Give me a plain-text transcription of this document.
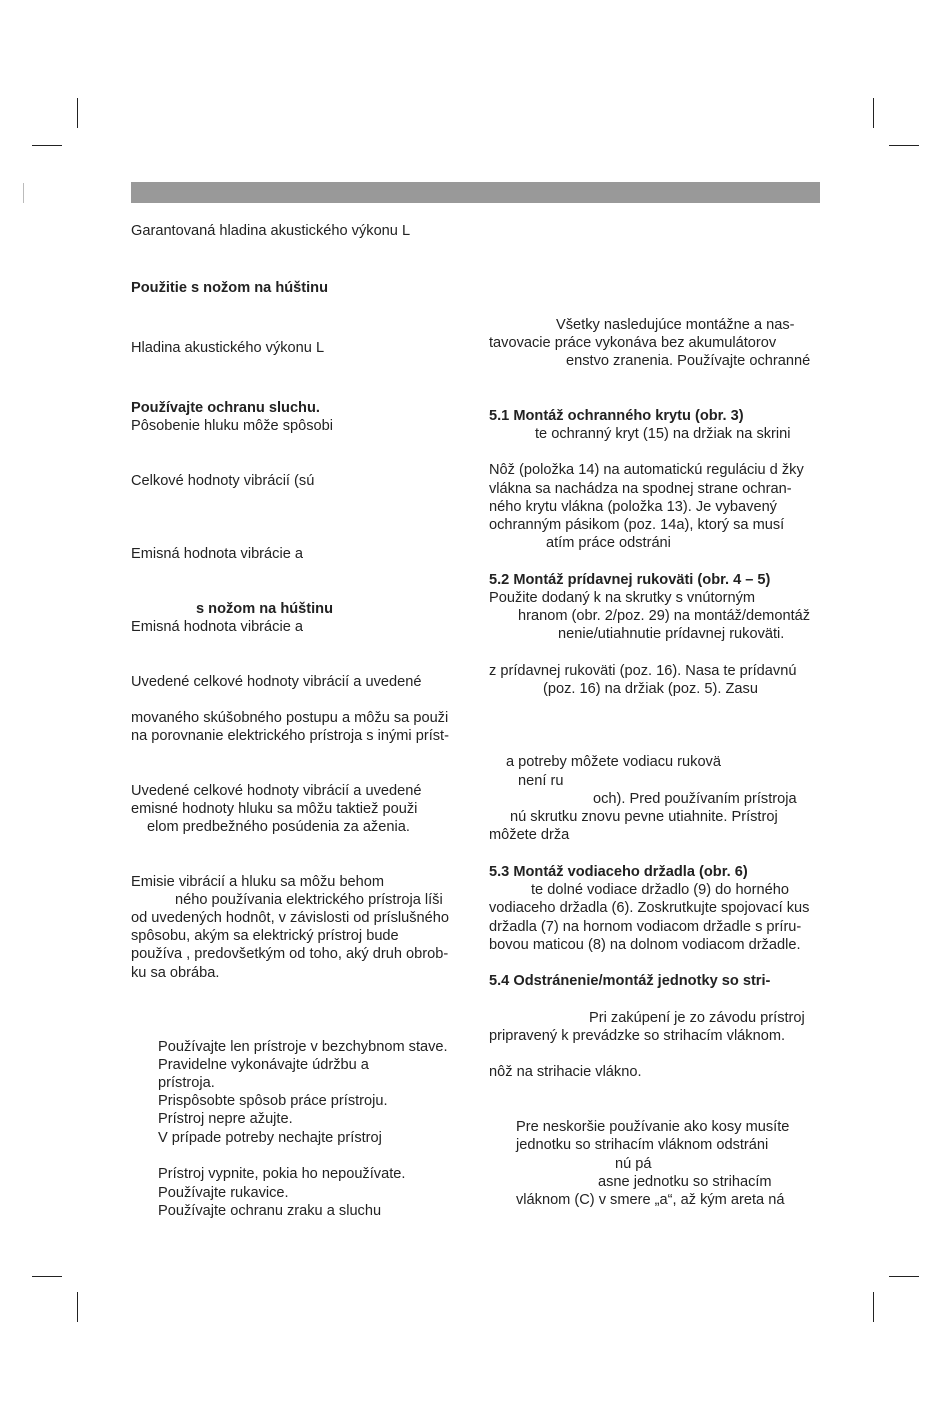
Garantovaná hladina akustického výkonu L
Použitie s nožom na húštinu
Hladina akustického výkonu L
Používajte ochranu sluchu.
Pôsobenie hluku môže spôsobi
Celkové hodnoty vibrácií (sú
Emisná hodnota vibrácie a
s nožom na húštinu
Emisná hodnota vibrácie a
Uvedené celkové hodnoty vibrácií a uvedené
movaného skúšobného postupu a môžu sa použi
na porovnanie elektrického prístroja s inými príst-
Uvedené celkové hodnoty vibrácií a uvedené
emisné hodnoty hluku sa môžu taktiež použi
elom predbežného posúdenia za aženia.
Emisie vibrácií a hluku sa môžu behom
ného používania elektrického prístroja líši
od uvedených hodnôt, v závislosti od príslušného
spôsobu, akým sa elektrický prístroj bude
používa , predovšetkým od toho, aký druh obrob-
ku sa obrába.
Používajte len prístroje v bezchybnom stave.
Pravidelne vykonávajte údržbu a
prístroja.
Prispôsobte spôsob práce prístroju.
Prístroj nepre ažujte.
V prípade potreby nechajte prístroj
Prístroj vypnite, pokia ho nepoužívate.
Používajte rukavice.
Používajte ochranu zraku a sluchu
Všetky nasledujúce montážne a nas-
tavovacie práce vykonáva bez akumulátorov
enstvo zranenia. Používajte ochranné
5.1 Montáž ochranného krytu (obr. 3)
te ochranný kryt (15) na držiak na skrini
Nôž (položka 14) na automatickú reguláciu d žky
vlákna sa nachádza na spodnej strane ochran-
ného krytu vlákna (položka 13). Je vybavený
ochranným pásikom (poz. 14a), ktorý sa musí
atím práce odstráni
5.2 Montáž prídavnej rukoväti (obr. 4 – 5)
Použite dodaný k na skrutky s vnútorným
hranom (obr. 2/poz. 29) na montáž/demontáž
nenie/utiahnutie prídavnej rukoväti.
z prídavnej rukoväti (poz. 16). Nasa te prídavnú
(poz. 16) na držiak (poz. 5). Zasu
a potreby môžete vodiacu rukovä
není ru
och). Pred používaním prístroja
nú skrutku znovu pevne utiahnite. Prístroj
môžete drža
5.3 Montáž vodiaceho držadla (obr. 6)
te dolné vodiace držadlo (9) do horného
vodiaceho držadla (6). Zoskrutkujte spojovací kus
držadla (7) na hornom vodiacom držadle s príru-
bovou maticou (8) na dolnom vodiacom držadle.
5.4 Odstránenie/montáž jednotky so stri-
Pri zakúpení je zo závodu prístroj
pripravený k prevádzke so strihacím vláknom.
nôž na strihacie vlákno.
Pre neskoršie používanie ako kosy musíte
jednotku so strihacím vláknom odstráni
nú pá
asne jednotku so strihacím
vláknom (C) v smere „a“, až kým areta ná
